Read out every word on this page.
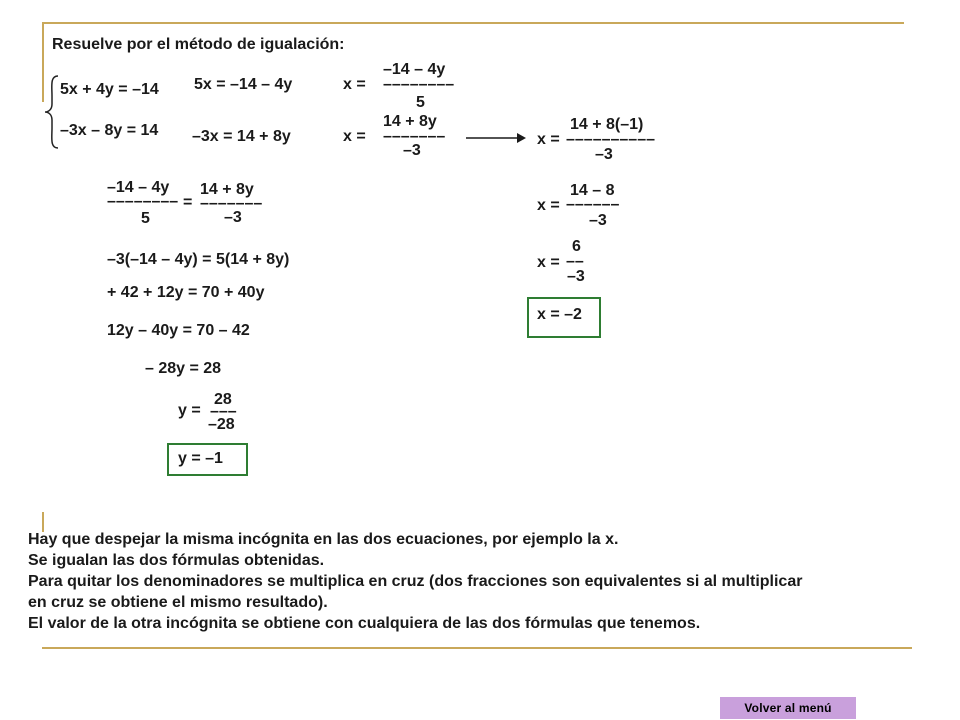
Resuelve por el método de igualación:
5x + 4y = –14
–3x – 8y = 14
5x = –14 – 4y	x =
–14 – 4y
––––––––
5
–3x = 14 + 8y	x =
14 + 8y
–––––––
–3
–14 – 4y
–––––––– =
5
14 + 8y
–––––––
–3
–3(–14 – 4y) = 5(14 + 8y)
+ 42 + 12y = 70 + 40y
12y – 40y = 70 – 42
– 28y = 28
y =
28
–––
–28
y = –1
x =
14 + 8(–1)
––––––––––
–3
x =
14 – 8
––––––
–3
x =
6
––
–3
x = –2
Hay que despejar la misma incógnita en las dos ecuaciones, por ejemplo la x.
Se igualan las dos fórmulas obtenidas.
Para quitar los denominadores se multiplica en cruz (dos fracciones son equivalentes si al multiplicar
en cruz se obtiene el mismo resultado).
El valor de la otra incógnita se obtiene con cualquiera de las dos fórmulas que tenemos.
Volver al menú
